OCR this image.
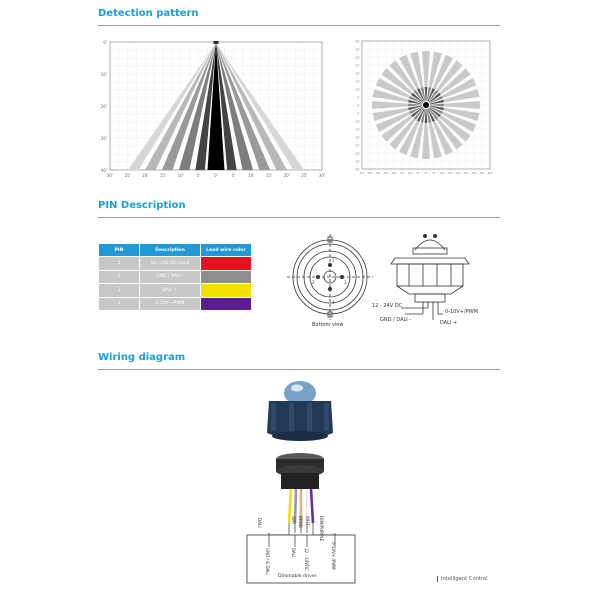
Detection pattern
0'
10'
20'
30'
40'
30'	25'	20'	15'	10'	5'	0'	5'	10'	15'	20'	25'	30'
40'
35'
30'
25'
20'
15'
10'
5'
0'
5'
10'
15'
20'
25'
30'
35'
40'
40' 35' 30' 25' 20' 15' 10' 5' 0' 5' 10' 15' 20' 25' 30' 35' 40'
PIN Description
PIN	Description	Lead wire color
1	12 - 24V DC input	

2	GND / DALI -	

3	DALI +	

4	0-10V+/PWM	
Bottom view
1
2	3
4
12 - 24V DC
GND / DALI -
0-10V+/PWM
DALI +
Wiring diagram
DALI	GRY BRNB WHT DIM/PURPLE
GND / & DALI	DALI 12 - 24VDC	0-10V+ /PWM
Dimmable driver	Intelligent Control
